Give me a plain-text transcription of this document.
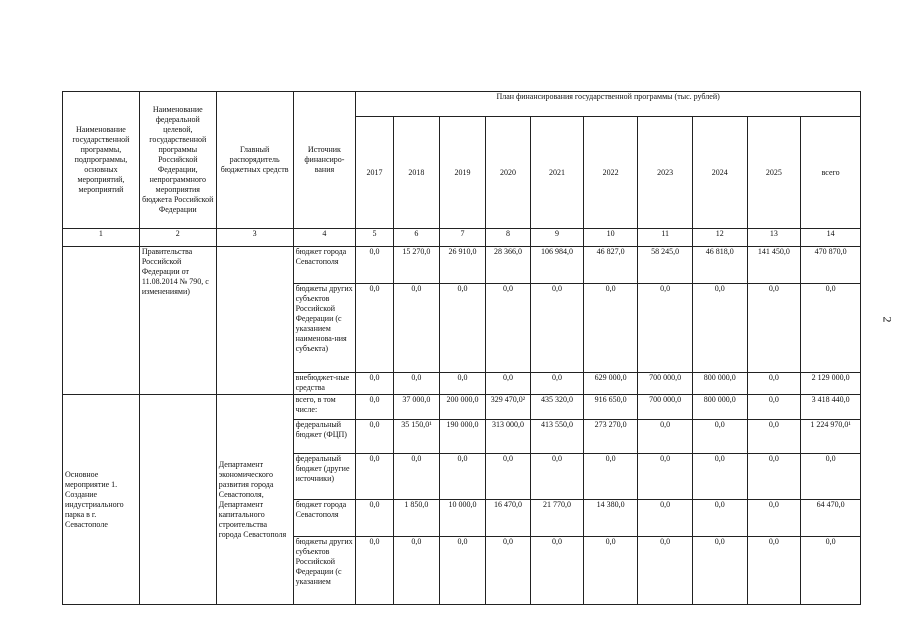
Наименование государственной программы, подпрограммы, основных мероприятий, мероприятий	Наименование федеральной целевой, государственной программы Российской Федерации, непрограммного мероприятия бюджета Российской Федерации	Главный распорядитель бюджетных средств	Источник финансиро-вания	План финансирования государственной программы (тыс. рублей)									
				2017	2018	2019	2020	2021	2022	2023	2024	2025	всего
1	2	3	4	5	6	7	8	9	10	11	12	13	14
	Правительства Российской Федерации от 11.08.2014 № 790, с изменениями)		бюджет города Севастополя	0,0	15 270,0	26 910,0	28 366,0	106 984,0	46 827,0	58 245,0	46 818,0	141 450,0	470 870,0
			бюджеты других субъектов Российской Федерации (с указанием наименова-ния субъекта)	0,0	0,0	0,0	0,0	0,0	0,0	0,0	0,0	0,0	0,0
			внебюджет-ные средства	0,0	0,0	0,0	0,0	0,0	629 000,0	700 000,0	800 000,0	0,0	2 129 000,0
Основное мероприятие 1. Создание индустриального парка в г. Севастополе		Департамент экономического развития города Севастополя, Департамент капитального строительства города Севастополя	всего, в том числе:	0,0	37 000,0	200 000,0	329 470,0²	435 320,0	916 650,0	700 000,0	800 000,0	0,0	3 418 440,0
			федеральный бюджет (ФЦП)	0,0	35 150,0¹	190 000,0	313 000,0	413 550,0	273 270,0	0,0	0,0	0,0	1 224 970,0¹
			федеральный бюджет (другие источники)	0,0	0,0	0,0	0,0	0,0	0,0	0,0	0,0	0,0	0,0
			бюджет города Севастополя	0,0	1 850,0	10 000,0	16 470,0	21 770,0	14 380,0	0,0	0,0	0,0	64 470,0
			бюджеты других субъектов Российской Федерации (с указанием	0,0	0,0	0,0	0,0	0,0	0,0	0,0	0,0	0,0	0,0
2
